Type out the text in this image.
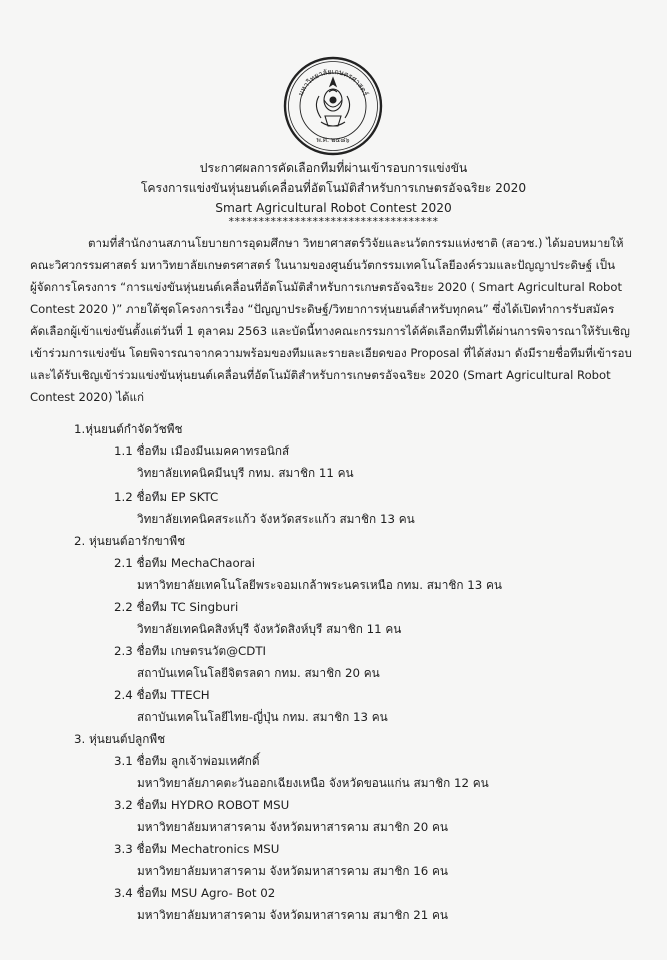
มหาวิทยาลัยเกษตรศาสตร์
พ.ศ. ๒๔๘๖
ประกาศผลการคัดเลือกทีมที่ผ่านเข้ารอบการแข่งขัน
โครงการแข่งขันหุ่นยนต์เคลื่อนที่อัตโนมัติสำหรับการเกษตรอัจฉริยะ 2020
Smart Agricultural Robot Contest 2020
***********************************
ตามที่สำนักงานสภานโยบายการอุดมศึกษา วิทยาศาสตร์วิจัยและนวัตกรรมแห่งชาติ (สอวช.) ได้มอบหมายให้
คณะวิศวกรรมศาสตร์ มหาวิทยาลัยเกษตรศาสตร์ ในนามของศูนย์นวัตกรรมเทคโนโลยีองค์รวมและปัญญาประดิษฐ์ เป็น
ผู้จัดการโครงการ “การแข่งขันหุ่นยนต์เคลื่อนที่อัตโนมัติสำหรับการเกษตรอัจฉริยะ 2020 ( Smart Agricultural Robot
Contest 2020 )” ภายใต้ชุดโครงการเรื่อง “ปัญญาประดิษฐ์/วิทยาการหุ่นยนต์สำหรับทุกคน” ซึ่งได้เปิดทำการรับสมัคร
คัดเลือกผู้เข้าแข่งขันตั้งแต่วันที่ 1 ตุลาคม 2563 และบัดนี้ทางคณะกรรมการได้คัดเลือกทีมที่ได้ผ่านการพิจารณาให้รับเชิญ
เข้าร่วมการแข่งขัน โดยพิจารณาจากความพร้อมของทีมและรายละเอียดของ Proposal ที่ได้ส่งมา ดังมีรายชื่อทีมที่เข้ารอบ
และได้รับเชิญเข้าร่วมแข่งขันหุ่นยนต์เคลื่อนที่อัตโนมัติสำหรับการเกษตรอัจฉริยะ 2020 (Smart Agricultural Robot
Contest 2020) ได้แก่
1.หุ่นยนต์กำจัดวัชพืช
1.1 ชื่อทีม เมืองมีนเมคคาทรอนิกส์
วิทยาลัยเทคนิคมีนบุรี กทม. สมาชิก 11 คน
1.2 ชื่อทีม EP SKTC
วิทยาลัยเทคนิคสระแก้ว จังหวัดสระแก้ว สมาชิก 13 คน
2. หุ่นยนต์อารักขาพืช
2.1 ชื่อทีม MechaChaorai
มหาวิทยาลัยเทคโนโลยีพระจอมเกล้าพระนครเหนือ กทม. สมาชิก 13 คน
2.2 ชื่อทีม TC Singburi
วิทยาลัยเทคนิคสิงห์บุรี จังหวัดสิงห์บุรี สมาชิก 11 คน
2.3 ชื่อทีม เกษตรนวัต@CDTI
สถาบันเทคโนโลยีจิตรลดา กทม. สมาชิก 20 คน
2.4 ชื่อทีม TTECH
สถาบันเทคโนโลยีไทย-ญี่ปุ่น กทม. สมาชิก 13 คน
3. หุ่นยนต์ปลูกพืช
3.1 ชื่อทีม ลูกเจ้าพ่อมเหศักดิ์
มหาวิทยาลัยภาคตะวันออกเฉียงเหนือ จังหวัดขอนแก่น สมาชิก 12 คน
3.2 ชื่อทีม HYDRO ROBOT MSU
มหาวิทยาลัยมหาสารคาม จังหวัดมหาสารคาม สมาชิก 20 คน
3.3 ชื่อทีม Mechatronics MSU
มหาวิทยาลัยมหาสารคาม จังหวัดมหาสารคาม สมาชิก 16 คน
3.4 ชื่อทีม MSU Agro- Bot 02
มหาวิทยาลัยมหาสารคาม จังหวัดมหาสารคาม สมาชิก 21 คน
